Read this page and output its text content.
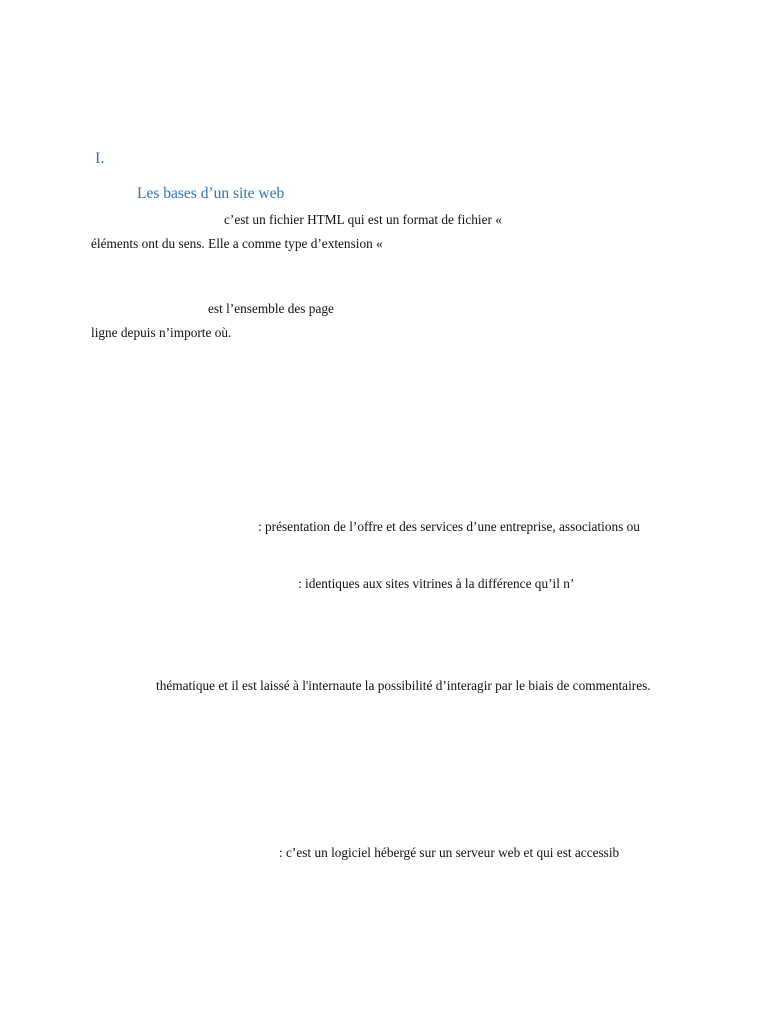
I.
Les bases d’un site web
c’est un fichier HTML qui est un format de fichier «
éléments ont du sens. Elle a comme type d’extension «
est l’ensemble des page
ligne depuis n’importe où.
: présentation de l’offre et des services d’une entreprise, associations ou
: identiques aux sites vitrines à la différence qu’il n’
thématique et il est laissé à l'internaute la possibilité d’interagir par le biais de commentaires.
: c’est un logiciel hébergé sur un serveur web et qui est accessib
